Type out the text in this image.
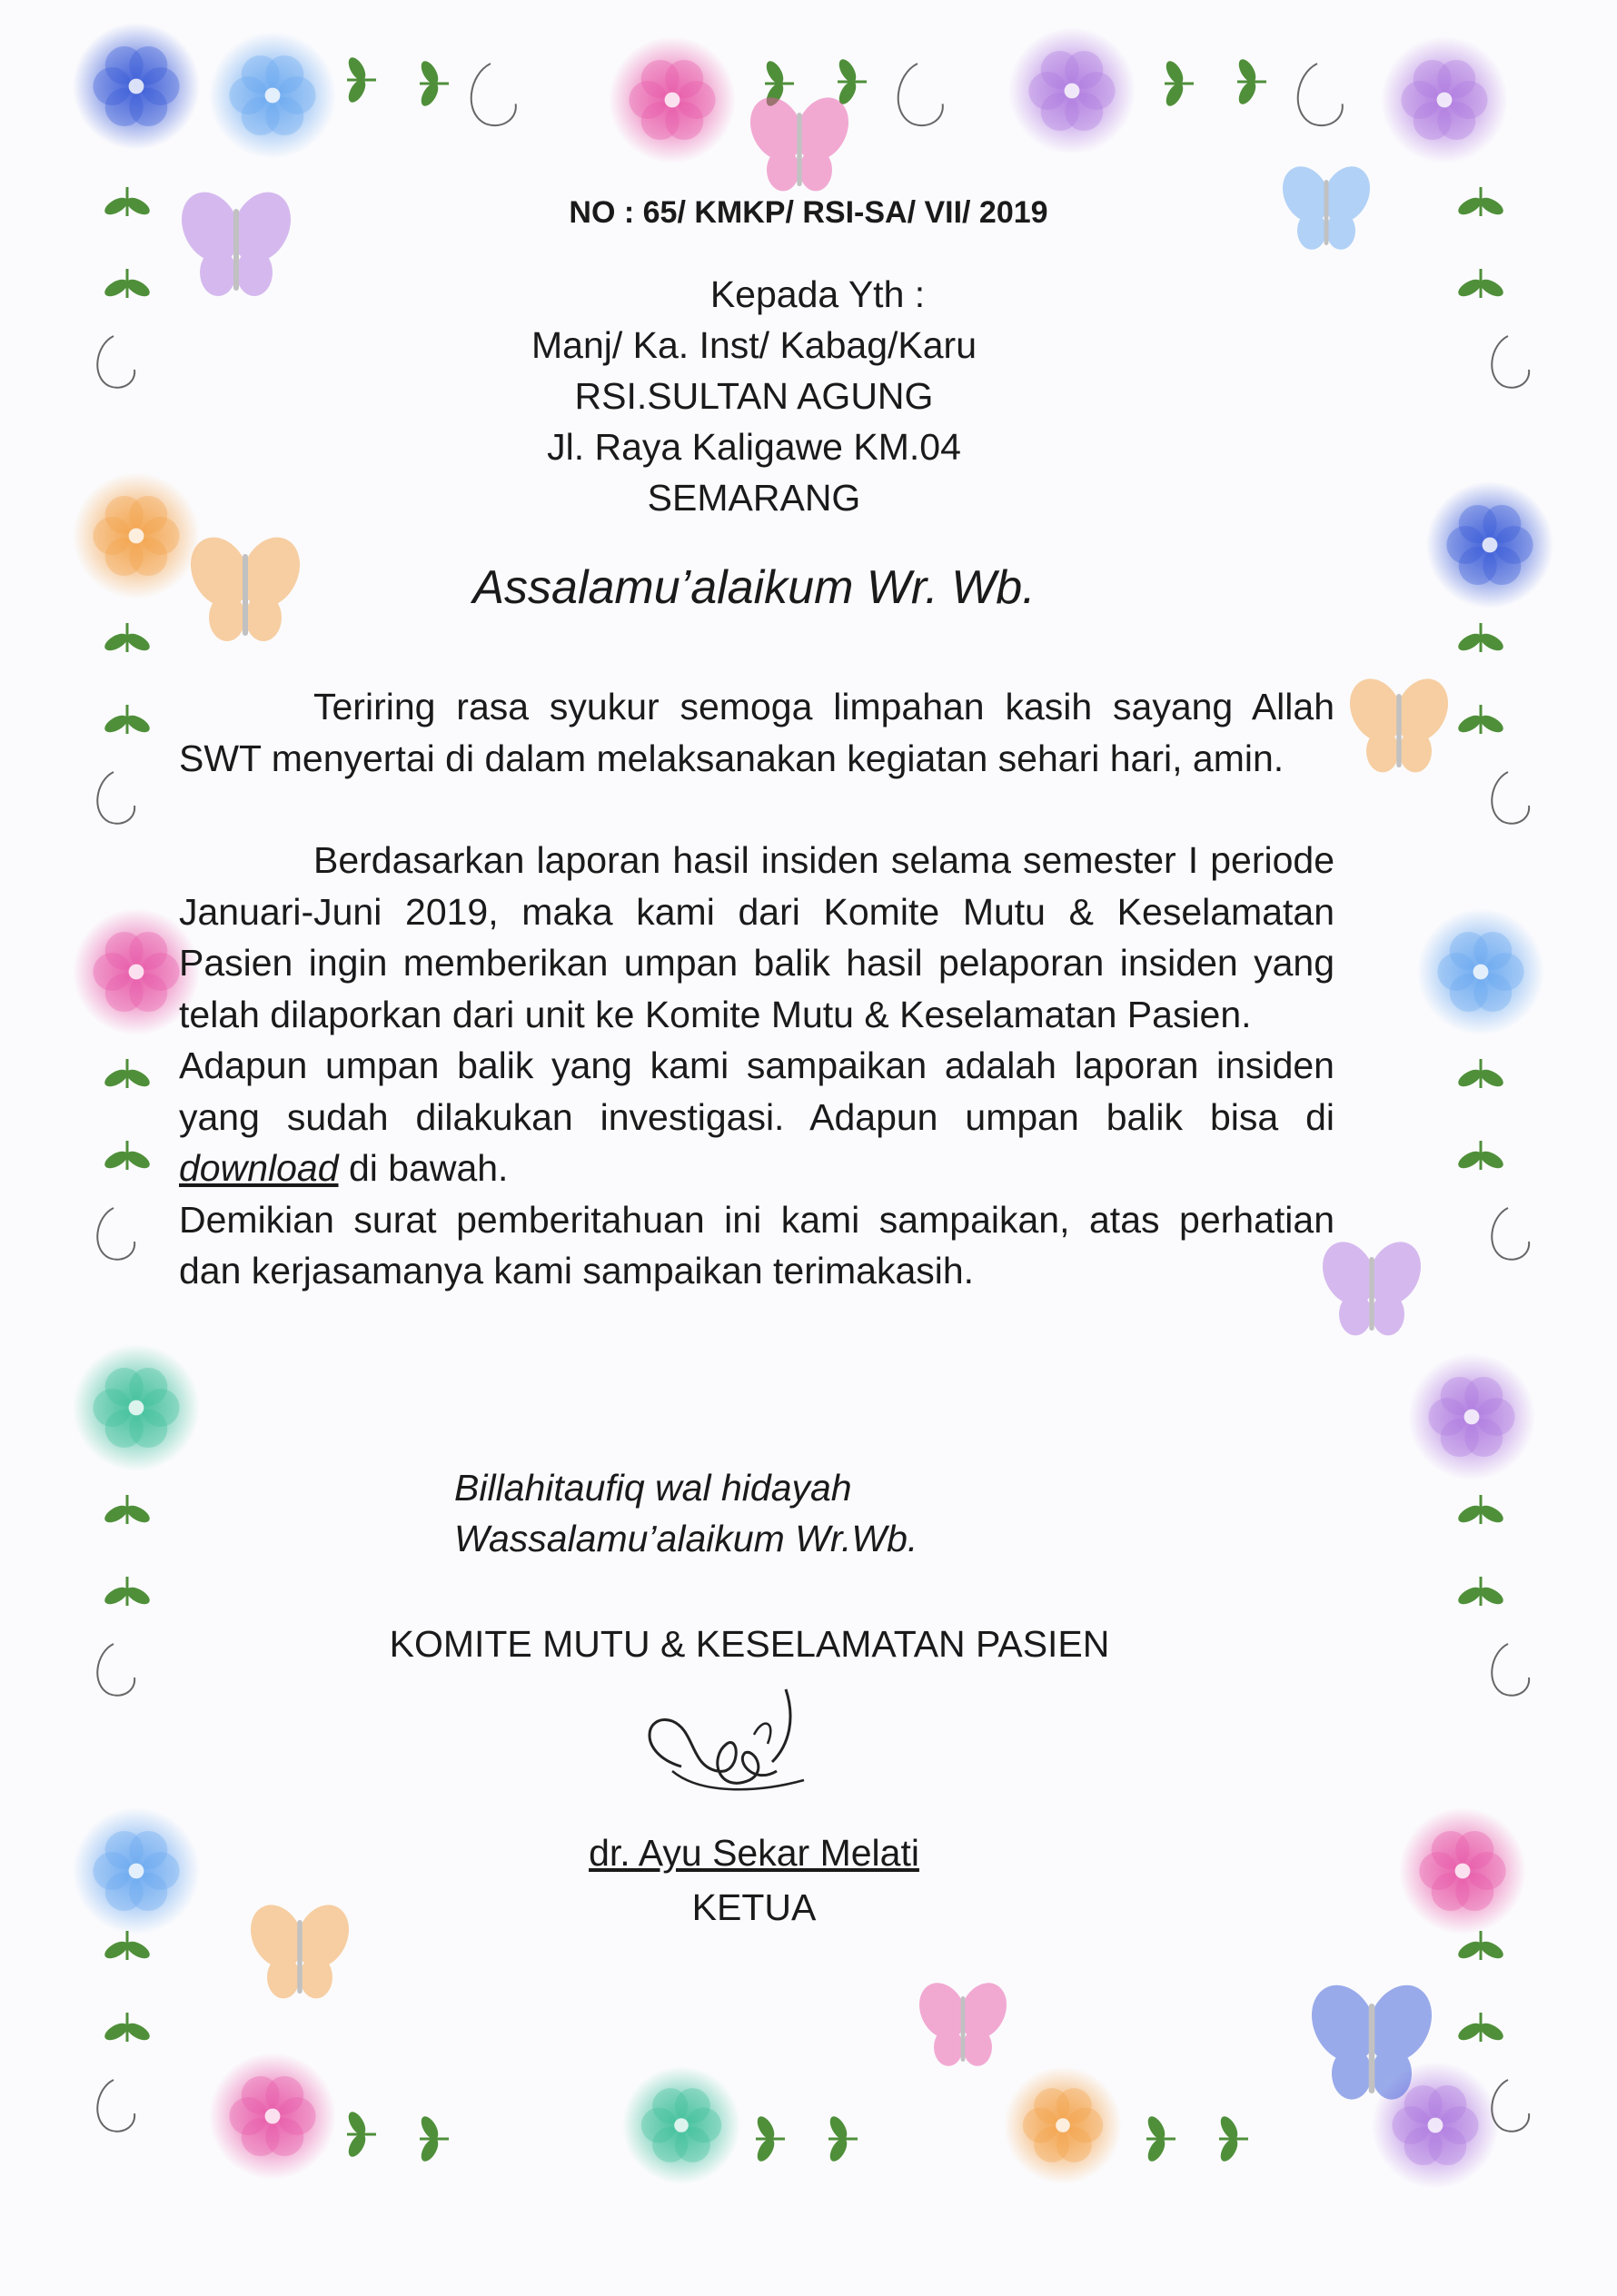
NO : 65/ KMKP/ RSI-SA/ VII/ 2019
Kepada Yth :
Manj/ Ka. Inst/ Kabag/Karu
RSI.SULTAN AGUNG
Jl. Raya Kaligawe KM.04
SEMARANG
Assalamu’alaikum Wr. Wb.

Teriring rasa syukur semoga limpahan kasih sayang Allah SWT menyertai di dalam melaksanakan kegiatan sehari hari, amin.

Berdasarkan laporan hasil insiden selama semester I periode Januari-Juni 2019, maka kami dari Komite Mutu & Keselamatan Pasien ingin memberikan umpan balik hasil pelaporan insiden yang telah dilaporkan dari unit ke Komite Mutu & Keselamatan Pasien.

Adapun umpan balik yang kami sampaikan adalah laporan insiden yang sudah dilakukan investigasi. Adapun umpan balik bisa di download di bawah.

Demikian surat pemberitahuan ini kami sampaikan, atas perhatian dan kerjasamanya kami sampaikan terimakasih.

Billahitaufiq wal hidayah
Wassalamu’alaikum Wr.Wb.
KOMITE MUTU & KESELAMATAN PASIEN
dr. Ayu Sekar Melati
KETUA
